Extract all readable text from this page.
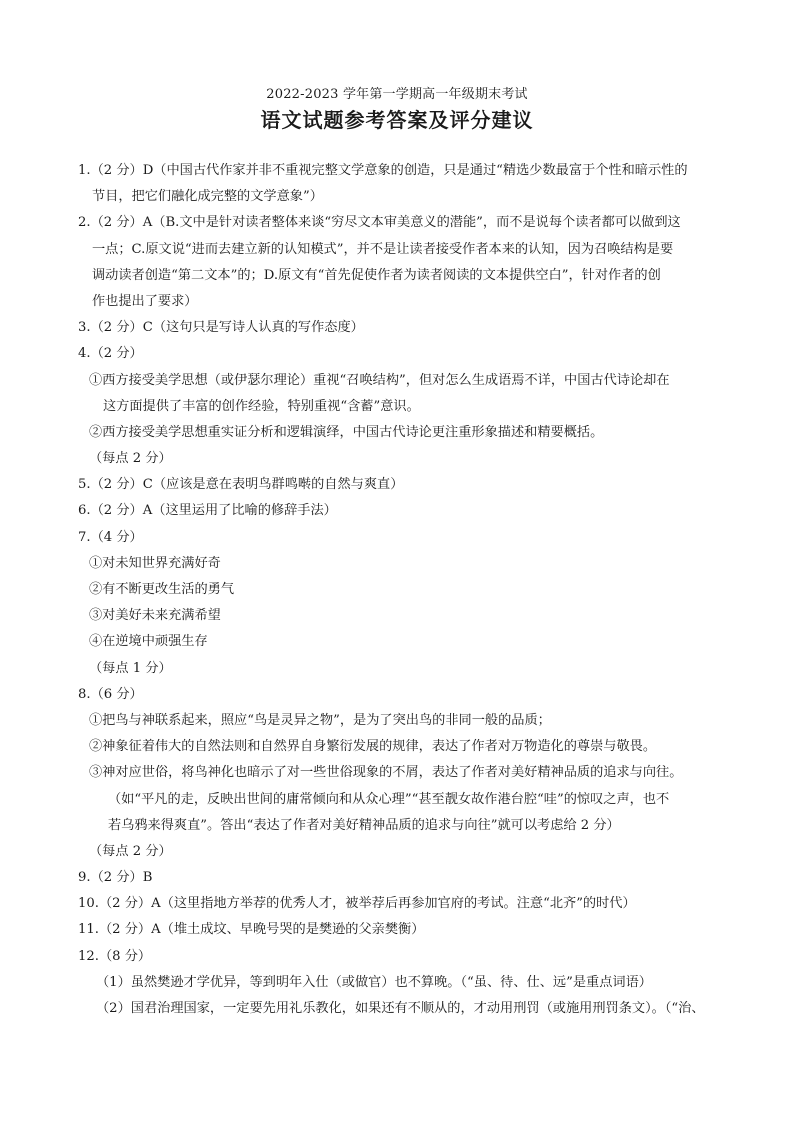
2022-2023 学年第一学期高一年级期末考试
语文试题参考答案及评分建议
1.（2 分）D（中国古代作家并非不重视完整文学意象的创造，只是通过“精选少数最富于个性和暗示性的
节目，把它们融化成完整的文学意象”）
2.（2 分）A（B.文中是针对读者整体来谈“穷尽文本审美意义的潜能”，而不是说每个读者都可以做到这
一点；C.原文说“进而去建立新的认知模式”，并不是让读者接受作者本来的认知，因为召唤结构是要
调动读者创造“第二文本”的；D.原文有“首先促使作者为读者阅读的文本提供空白”，针对作者的创
作也提出了要求）
3.（2 分）C（这句只是写诗人认真的写作态度）
4.（2 分）
①西方接受美学思想（或伊瑟尔理论）重视“召唤结构”，但对怎么生成语焉不详，中国古代诗论却在
这方面提供了丰富的创作经验，特别重视“含蓄”意识。
②西方接受美学思想重实证分析和逻辑演绎，中国古代诗论更注重形象描述和精要概括。
（每点 2 分）
5.（2 分）C（应该是意在表明鸟群鸣啭的自然与爽直）
6.（2 分）A（这里运用了比喻的修辞手法）
7.（4 分）
①对未知世界充满好奇
②有不断更改生活的勇气
③对美好未来充满希望
④在逆境中顽强生存
（每点 1 分）
8.（6 分）
①把鸟与神联系起来，照应“鸟是灵异之物”，是为了突出鸟的非同一般的品质；
②神象征着伟大的自然法则和自然界自身繁衍发展的规律，表达了作者对万物造化的尊崇与敬畏。
③神对应世俗，将鸟神化也暗示了对一些世俗现象的不屑，表达了作者对美好精神品质的追求与向往。
（如“平凡的走，反映出世间的庸常倾向和从众心理”“甚至靓女故作港台腔“哇”的惊叹之声，也不
若乌鸦来得爽直”。答出“表达了作者对美好精神品质的追求与向往”就可以考虑给 2 分）
（每点 2 分）
9.（2 分）B
10.（2 分）A（这里指地方举荐的优秀人才，被举荐后再参加官府的考试。注意“北齐”的时代）
11.（2 分）A（堆土成坟、早晚号哭的是樊逊的父亲樊衡）
12.（8 分）
（1）虽然樊逊才学优异，等到明年入仕（或做官）也不算晚。（“虽、待、仕、远”是重点词语）
（2）国君治理国家，一定要先用礼乐教化，如果还有不顺从的，才动用刑罚（或施用刑罚条文）。（“治、
